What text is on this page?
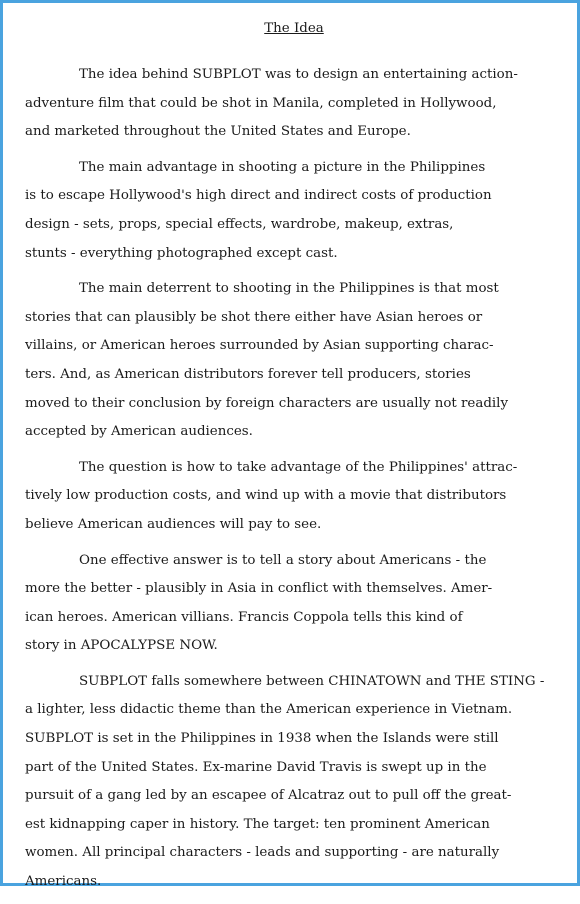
The Idea
The idea behind SUBPLOT was to design an entertaining action-
adventure film that could be shot in Manila, completed in Hollywood,
and marketed throughout the United States and Europe.
The main advantage in shooting a picture in the Philippines
is to escape Hollywood's high direct and indirect costs of production
design - sets, props, special effects, wardrobe, makeup, extras,
stunts - everything photographed except cast.
The main deterrent to shooting in the Philippines is that most
stories that can plausibly be shot there either have Asian heroes or
villains, or American heroes surrounded by Asian supporting charac-
ters. And, as American distributors forever tell producers, stories
moved to their conclusion by foreign characters are usually not readily
accepted by American audiences.
The question is how to take advantage of the Philippines' attrac-
tively low production costs, and wind up with a movie that distributors
believe American audiences will pay to see.
One effective answer is to tell a story about Americans - the
more the better - plausibly in Asia in conflict with themselves. Amer-
ican heroes. American villians. Francis Coppola tells this kind of
story in APOCALYPSE NOW.
SUBPLOT falls somewhere between CHINATOWN and THE STING -
a lighter, less didactic theme than the American experience in Vietnam.
SUBPLOT is set in the Philippines in 1938 when the Islands were still
part of the United States. Ex-marine David Travis is swept up in the
pursuit of a gang led by an escapee of Alcatraz out to pull off the great-
est kidnapping caper in history. The target: ten prominent American
women. All principal characters - leads and supporting - are naturally
Americans.
